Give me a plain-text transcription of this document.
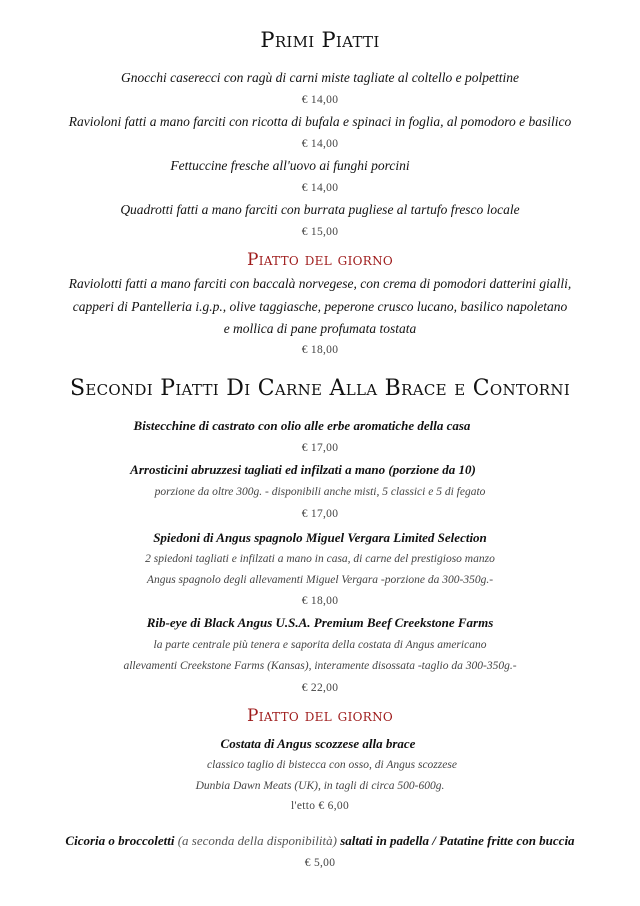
Primi Piatti
Gnocchi caserecci con ragù di carni miste tagliate al coltello e polpettine
€ 14,00
Ravioloni fatti a mano farciti con ricotta di bufala e spinaci in foglia, al pomodoro e basilico
€ 14,00
Fettuccine fresche all'uovo ai funghi porcini
€ 14,00
Quadrotti fatti a mano farciti con burrata pugliese al tartufo fresco locale
€ 15,00
Piatto del giorno
Raviolotti fatti a mano farciti con baccalà norvegese, con crema di pomodori datterini gialli,
capperi di Pantelleria i.g.p., olive taggiasche, peperone crusco lucano, basilico napoletano
e mollica di pane profumata tostata
€ 18,00
Secondi Piatti Di Carne Alla Brace e Contorni
Bistecchine di castrato con olio alle erbe aromatiche della casa
€ 17,00
Arrosticini abruzzesi tagliati ed infilzati a mano (porzione da 10)
porzione da oltre 300g. - disponibili anche misti, 5 classici e 5 di fegato
€ 17,00
Spiedoni di Angus spagnolo Miguel Vergara Limited Selection
2 spiedoni tagliati e infilzati a mano in casa, di carne del prestigioso manzo
Angus spagnolo degli allevamenti Miguel Vergara -porzione da 300-350g.-
€ 18,00
Rib-eye di Black Angus U.S.A. Premium Beef Creekstone Farms
la parte centrale più tenera e saporita della costata di Angus americano
allevamenti Creekstone Farms (Kansas), interamente disossata -taglio da 300-350g.-
€ 22,00
Piatto del giorno
Costata di Angus scozzese alla brace
classico taglio di bistecca con osso, di Angus scozzese
Dunbia Dawn Meats (UK), in tagli di circa 500-600g.
l'etto € 6,00
Cicoria o broccoletti (a seconda della disponibilità) saltati in padella / Patatine fritte con buccia
€ 5,00
